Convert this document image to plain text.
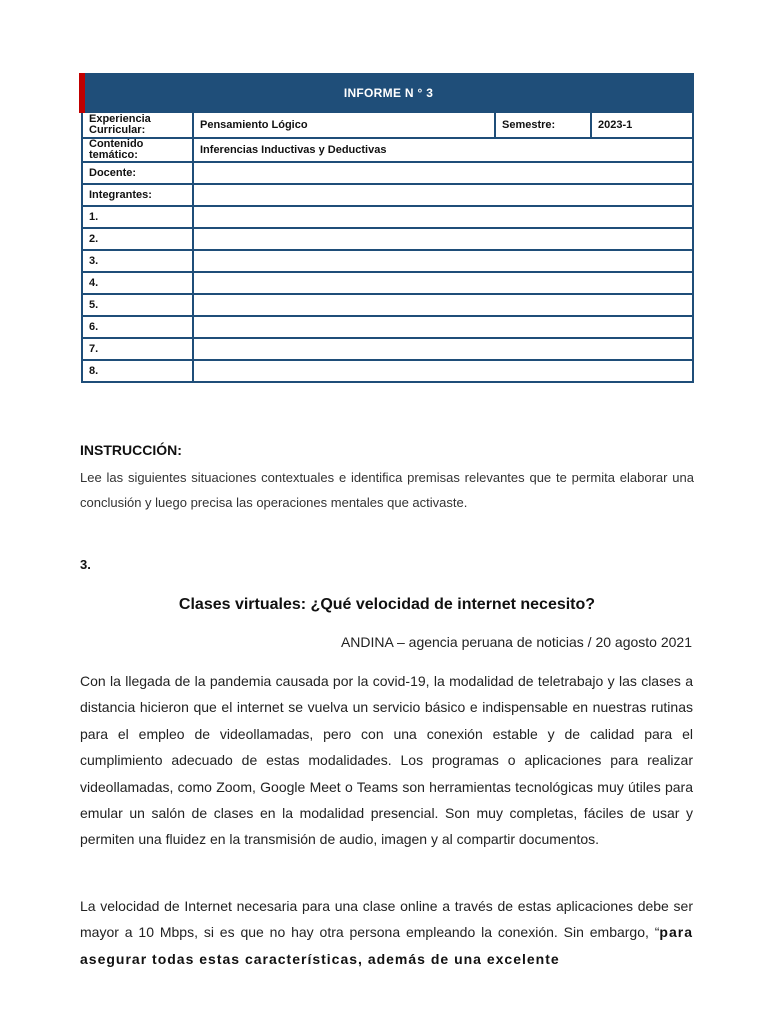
INFORME N ° 3			
Experiencia Curricular:	Pensamiento Lógico	Semestre:	2023-1
Contenido temático:	Inferencias Inductivas y Deductivas		
Docente:			
Integrantes:			
1.			
2.			
3.			
4.			
5.			
6.			
7.			
8.			
INSTRUCCIÓN:
Lee las siguientes situaciones contextuales e identifica premisas relevantes que te permita elaborar una conclusión y luego precisa las operaciones mentales que activaste.
3.
Clases virtuales: ¿Qué velocidad de internet necesito?
ANDINA – agencia peruana de noticias / 20 agosto 2021

Con la llegada de la pandemia causada por la covid-19, la modalidad de teletrabajo y las clases a distancia hicieron que el internet se vuelva un servicio básico e indispensable en nuestras rutinas para el empleo de videollamadas, pero con una conexión estable y de calidad para el cumplimiento adecuado de estas modalidades. Los programas o aplicaciones para realizar videollamadas, como Zoom, Google Meet o Teams son herramientas tecnológicas muy útiles para emular un salón de clases en la modalidad presencial. Son muy completas, fáciles de usar y permiten una fluidez en la transmisión de audio, imagen y al compartir documentos.

La velocidad de Internet necesaria para una clase online a través de estas aplicaciones debe ser mayor a 10 Mbps, si es que no hay otra persona empleando la conexión. Sin embargo, “para asegurar todas estas características, además de una excelente
